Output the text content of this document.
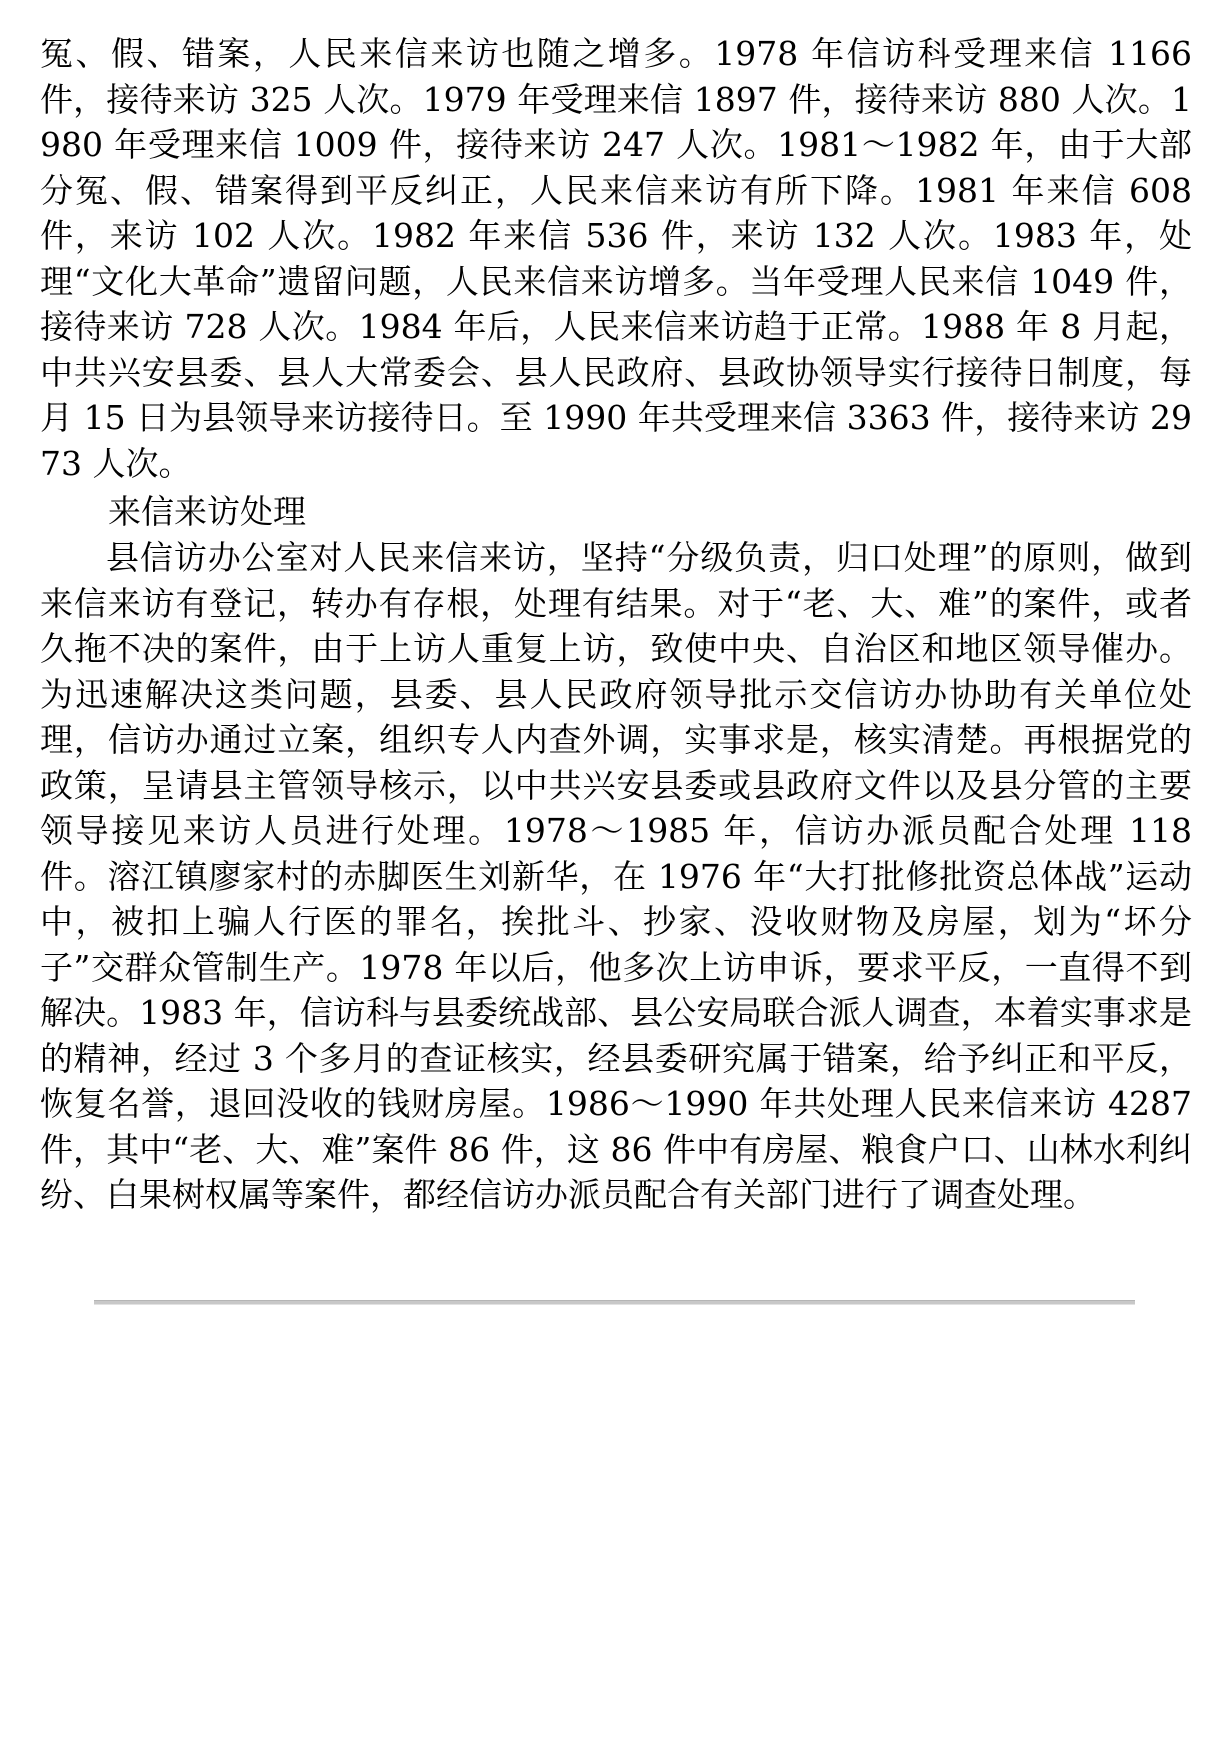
冤、假、错案，人民来信来访也随之增多。1978 年信访科受理来信 1166 件，接待来访 325 人次。1979 年受理来信 1897 件，接待来访 880 人次。1980 年受理来信 1009 件，接待来访 247 人次。1981～1982 年，由于大部分冤、假、错案得到平反纠正，人民来信来访有所下降。1981 年来信 608 件，来访 102 人次。1982 年来信 536 件，来访 132 人次。1983 年，处理“文化大革命”遗留问题，人民来信来访增多。当年受理人民来信 1049 件，接待来访 728 人次。1984 年后，人民来信来访趋于正常。1988 年 8 月起，中共兴安县委、县人大常委会、县人民政府、县政协领导实行接待日制度，每月 15 日为县领导来访接待日。至 1990 年共受理来信 3363 件，接待来访 2973 人次。

来信来访处理

县信访办公室对人民来信来访，坚持“分级负责，归口处理”的原则，做到来信来访有登记，转办有存根，处理有结果。对于“老、大、难”的案件，或者久拖不决的案件，由于上访人重复上访，致使中央、自治区和地区领导催办。为迅速解决这类问题，县委、县人民政府领导批示交信访办协助有关单位处理，信访办通过立案，组织专人内查外调，实事求是，核实清楚。再根据党的政策，呈请县主管领导核示，以中共兴安县委或县政府文件以及县分管的主要领导接见来访人员进行处理。1978～1985 年，信访办派员配合处理 118 件。溶江镇廖家村的赤脚医生刘新华，在 1976 年“大打批修批资总体战”运动中，被扣上骗人行医的罪名，挨批斗、抄家、没收财物及房屋，划为“坏分子”交群众管制生产。1978 年以后，他多次上访申诉，要求平反，一直得不到解决。1983 年，信访科与县委统战部、县公安局联合派人调查，本着实事求是的精神，经过 3 个多月的查证核实，经县委研究属于错案，给予纠正和平反，恢复名誉，退回没收的钱财房屋。1986～1990 年共处理人民来信来访 4287 件，其中“老、大、难”案件 86 件，这 86 件中有房屋、粮食户口、山林水利纠纷、白果树权属等案件，都经信访办派员配合有关部门进行了调查处理。
